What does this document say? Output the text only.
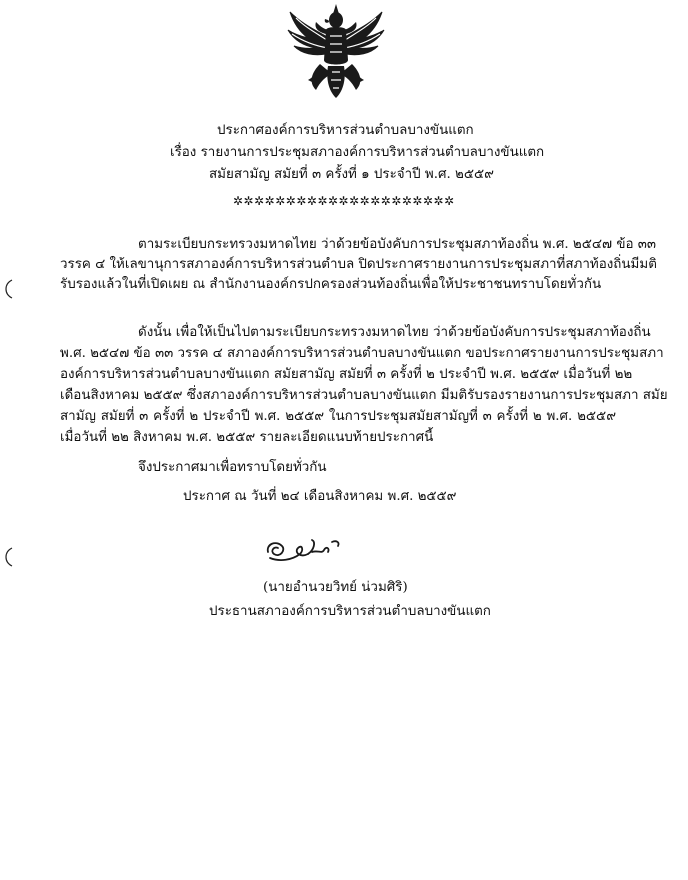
ประกาศองค์การบริหารส่วนตำบลบางขันแตก
เรื่อง รายงานการประชุมสภาองค์การบริหารส่วนตำบลบางขันแตก
สมัยสามัญ สมัยที่ ๓ ครั้งที่ ๑ ประจำปี พ.ศ. ๒๕๕๙
✲✲✲✲✲✲✲✲✲✲✲✲✲✲✲✲✲✲✲✲✲
ตามระเบียบกระทรวงมหาดไทย ว่าด้วยข้อบังคับการประชุมสภาท้องถิ่น พ.ศ. ๒๕๔๗ ข้อ ๓๓
วรรค ๔ ให้เลขานุการสภาองค์การบริหารส่วนตำบล ปิดประกาศรายงานการประชุมสภาที่สภาท้องถิ่นมีมติ
รับรองแล้วในที่เปิดเผย ณ สำนักงานองค์กรปกครองส่วนท้องถิ่นเพื่อให้ประชาชนทราบโดยทั่วกัน
ดังนั้น เพื่อให้เป็นไปตามระเบียบกระทรวงมหาดไทย ว่าด้วยข้อบังคับการประชุมสภาท้องถิ่น
พ.ศ. ๒๕๔๗ ข้อ ๓๓ วรรค ๔ สภาองค์การบริหารส่วนตำบลบางขันแตก ขอประกาศรายงานการประชุมสภา
องค์การบริหารส่วนตำบลบางขันแตก สมัยสามัญ สมัยที่ ๓ ครั้งที่ ๒ ประจำปี พ.ศ. ๒๕๕๙ เมื่อวันที่ ๒๒
เดือนสิงหาคม ๒๕๕๙ ซึ่งสภาองค์การบริหารส่วนตำบลบางขันแตก มีมติรับรองรายงานการประชุมสภา สมัย
สามัญ สมัยที่ ๓ ครั้งที่ ๒ ประจำปี พ.ศ. ๒๕๕๙ ในการประชุมสมัยสามัญที่ ๓ ครั้งที่ ๒ พ.ศ. ๒๕๕๙
เมื่อวันที่ ๒๒ สิงหาคม พ.ศ. ๒๕๕๙ รายละเอียดแนบท้ายประกาศนี้
จึงประกาศมาเพื่อทราบโดยทั่วกัน
ประกาศ ณ วันที่ ๒๔ เดือนสิงหาคม พ.ศ. ๒๕๕๙
(นายอำนวยวิทย์ น่วมศิริ)
ประธานสภาองค์การบริหารส่วนตำบลบางขันแตก
